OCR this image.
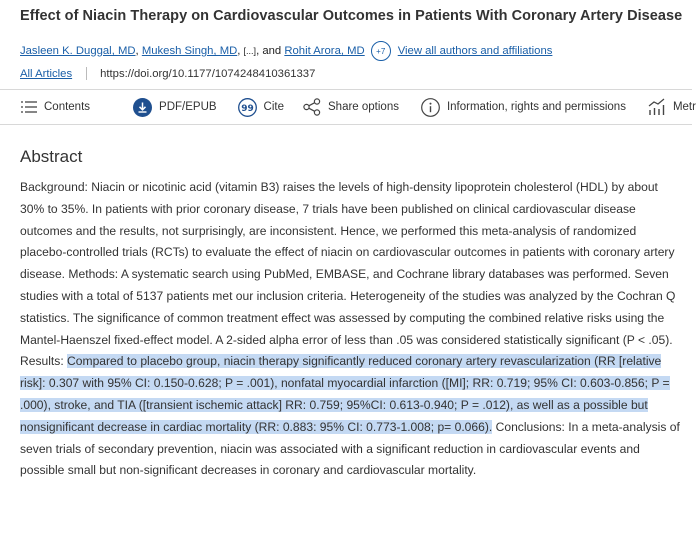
Effect of Niacin Therapy on Cardiovascular Outcomes in Patients With Coronary Artery Disease
Jasleen K. Duggal, MD , Mukesh Singh, MD , [...] , and
Rohit Arora, MD	+7	View all authors and affiliations
All Articles https://doi.org/10.1177/1074248410361337
Contents	PDF/EPUB	99 Cite	Share options	Information, rights and permissions	Metr
Abstract

Background: Niacin or nicotinic acid (vitamin B3) raises the levels of high-density lipoprotein cholesterol (HDL) by about 30% to 35%. In patients with prior coronary disease, 7 trials have been published on clinical cardiovascular disease outcomes and the results, not surprisingly, are inconsistent. Hence, we performed this meta-analysis of randomized placebo-controlled trials (RCTs) to evaluate the effect of niacin on cardiovascular outcomes in patients with coronary artery disease. Methods: A systematic search using PubMed, EMBASE, and Cochrane library databases was performed. Seven studies with a total of 5137 patients met our inclusion criteria. Heterogeneity of the studies was analyzed by the Cochran Q statistics. The significance of common treatment effect was assessed by computing the combined relative risks using the Mantel-Haenszel fixed-effect model. A 2-sided alpha error of less than .05 was considered statistically significant (P < .05). Results: Compared to placebo group, niacin therapy significantly reduced coronary artery revascularization (RR [relative risk]: 0.307 with 95% CI: 0.150-0.628; P = .001), nonfatal myocardial infarction ([MI]; RR: 0.719; 95% CI: 0.603-0.856; P = .000), stroke, and TIA ([transient ischemic attack] RR: 0.759; 95%CI: 0.613-0.940; P = .012), as well as a possible but nonsignificant decrease in cardiac mortality (RR: 0.883: 95% CI: 0.773-1.008; p= 0.066). Conclusions: In a meta-analysis of seven trials of secondary prevention, niacin was associated with a significant reduction in cardiovascular events and possible small but non-significant decreases in coronary and cardiovascular mortality.
